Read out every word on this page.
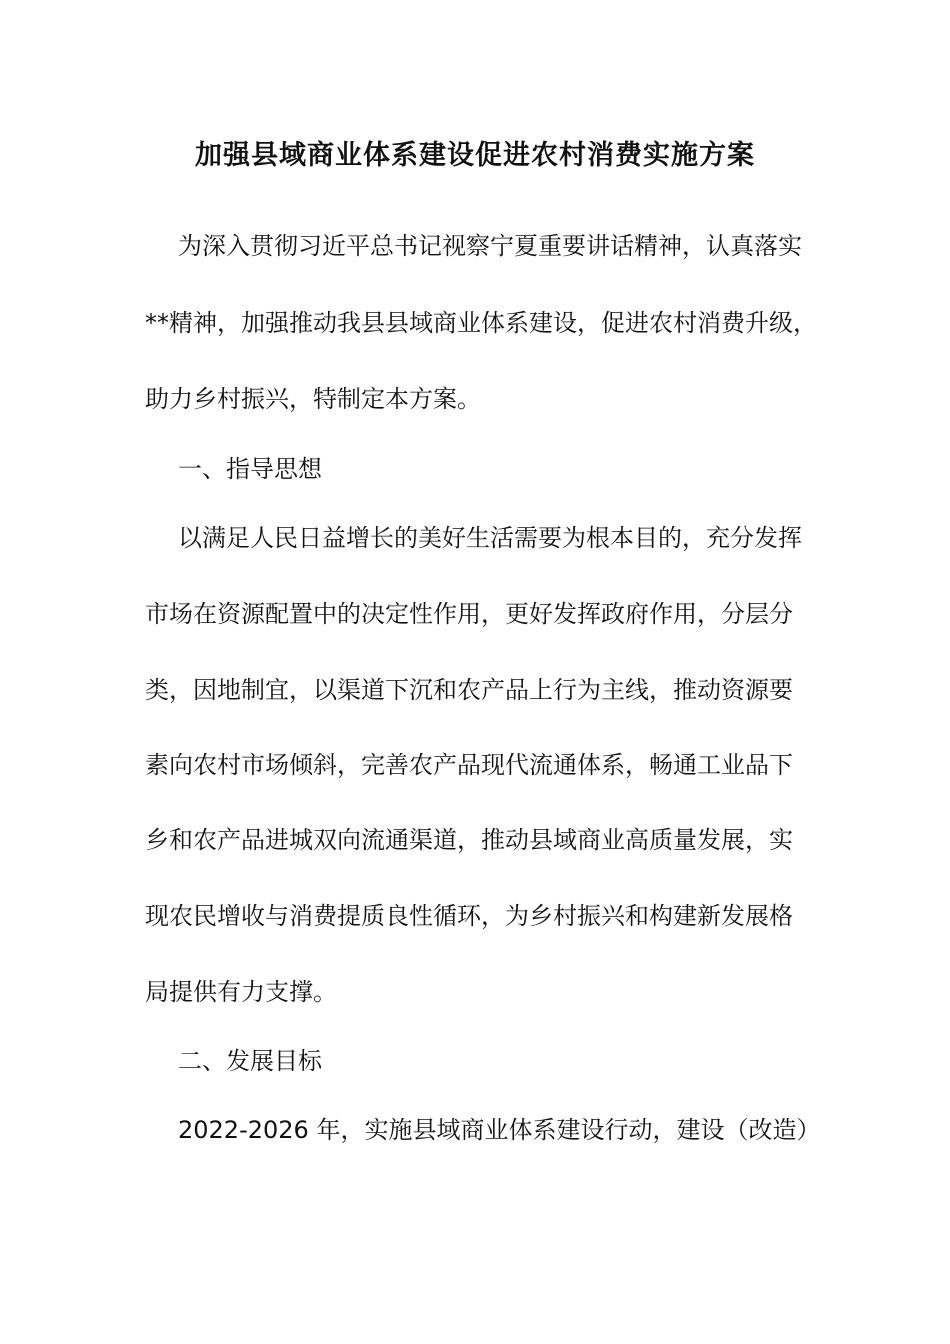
加强县域商业体系建设促进农村消费实施方案

为深入贯彻习近平总书记视察宁夏重要讲话精神，认真落实

**精神，加强推动我县县域商业体系建设，促进农村消费升级，

助力乡村振兴，特制定本方案。

一、指导思想

以满足人民日益增长的美好生活需要为根本目的，充分发挥

市场在资源配置中的决定性作用，更好发挥政府作用，分层分

类，因地制宜，以渠道下沉和农产品上行为主线，推动资源要

素向农村市场倾斜，完善农产品现代流通体系，畅通工业品下

乡和农产品进城双向流通渠道，推动县域商业高质量发展，实

现农民增收与消费提质良性循环，为乡村振兴和构建新发展格

局提供有力支撑。

二、发展目标

2022-2026 年，实施县域商业体系建设行动，建设（改造）
